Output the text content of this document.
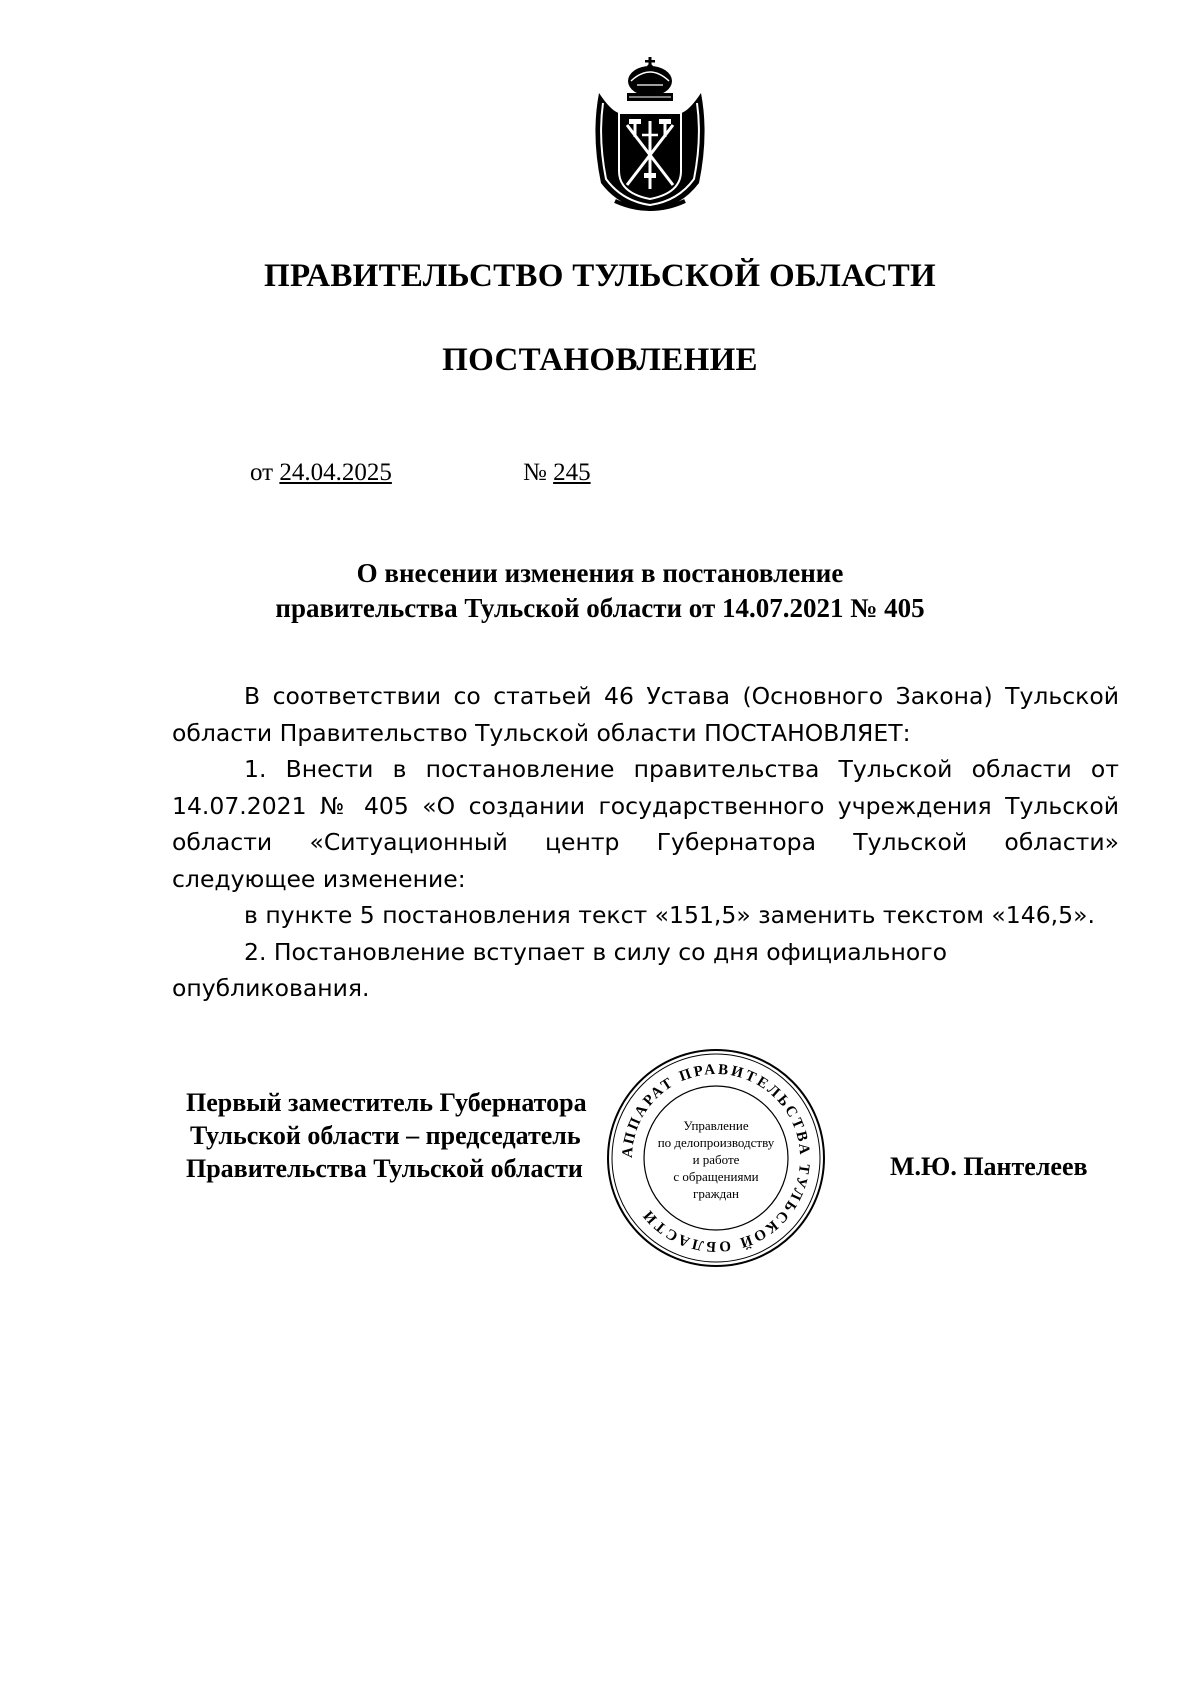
ПРАВИТЕЛЬСТВО ТУЛЬСКОЙ ОБЛАСТИ
ПОСТАНОВЛЕНИЕ
от 24.04.2025	№ 245
О внесении изменения в постановление
правительства Тульской области от 14.07.2021 № 405

В соответствии со статьей 46 Устава (Основного Закона) Тульской области Правительство Тульской области ПОСТАНОВЛЯЕТ:

1. Внести в постановление правительства Тульской области от 14.07.2021 № 405 «О создании государственного учреждения Тульской области «Ситуационный центр Губернатора Тульской области» следующее изменение:

в пункте 5 постановления текст «151,5» заменить текстом «146,5».

2. Постановление вступает в силу со дня официального опубликования.

Первый заместитель Губернатора
Тульской области – председатель
Правительства Тульской области
АППАРАТ ПРАВИТЕЛЬСТВА ТУЛЬСКОЙ ОБЛАСТИ
Управление
по делопроизводству
и работе
с обращениями
граждан
М.Ю. Пантелеев
